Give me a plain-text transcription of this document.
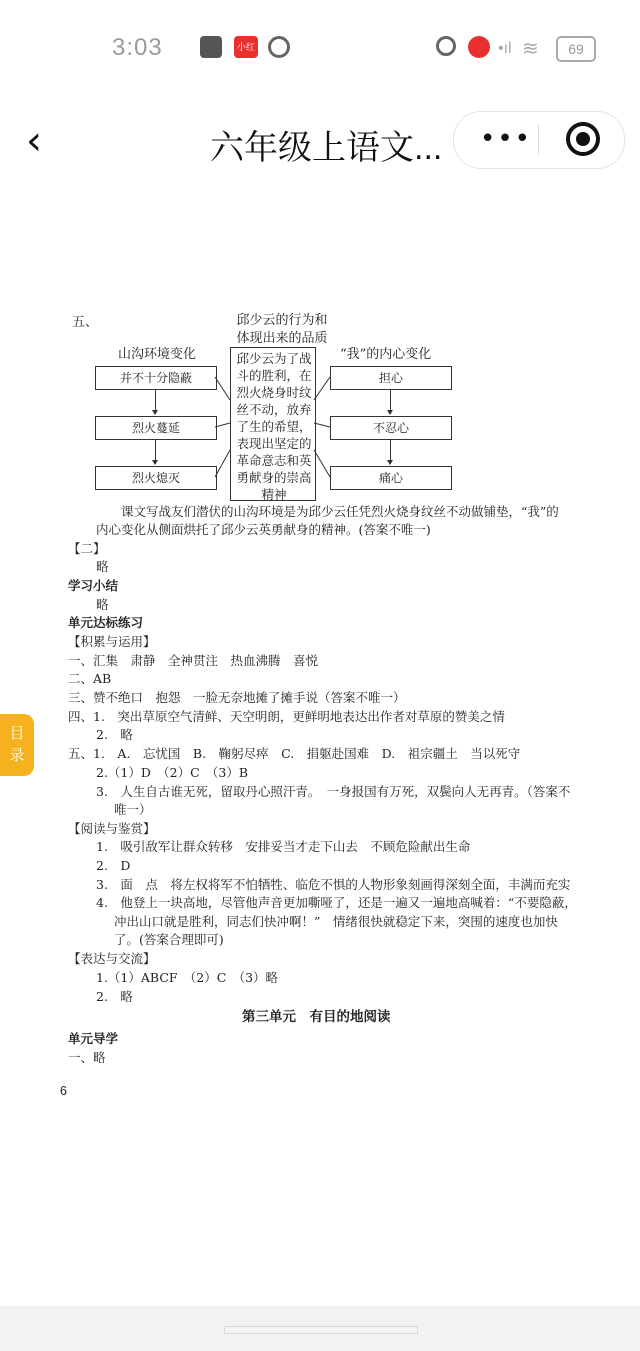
3:03	小红书
•ıl ≋	69
‹	六年级上语文... •••
五、	邱少云的行为和
体现出来的品质
山沟环境变化	“我”的内心变化
并不十分隐蔽
烈火蔓延
烈火熄灭
担心
不忍心
痛心
邱少云为了战
斗的胜利，在
烈火烧身时纹
丝不动，放弃
了生的希望，
表现出坚定的
革命意志和英
勇献身的崇高
精神
　　课文写战友们潜伏的山沟环境是为邱少云任凭烈火烧身纹丝不动做铺垫，“我”的
内心变化从侧面烘托了邱少云英勇献身的精神。(答案不唯一)
【二】
略
学习小结
略
单元达标练习
【积累与运用】
一、汇集　肃静　全神贯注　热血沸腾　喜悦
二、AB
三、赞不绝口　抱怨　一脸无奈地摊了摊手说（答案不唯一）
四、1.　突出草原空气清鲜、天空明朗，更鲜明地表达出作者对草原的赞美之情
2.　略
五、1.　A.　忘忧国　B.　鞠躬尽瘁　C.　捐躯赴国难　D.　祖宗疆土　当以死守
2.（1）D　（2）C　（3）B
3.　人生自古谁无死，留取丹心照汗青。　一身报国有万死，双鬓向人无再青。（答案不
唯一）
【阅读与鉴赏】
1.　吸引敌军让群众转移　安排妥当才走下山去　不顾危险献出生命
2.　D
3.　面　点　将左权将军不怕牺牲、临危不惧的人物形象刻画得深刻全面，丰满而充实
4.　他登上一块高地，尽管他声音更加嘶哑了，还是一遍又一遍地高喊着：“不要隐蔽，
冲出山口就是胜利，同志们快冲啊！”　情绪很快就稳定下来，突围的速度也加快
了。(答案合理即可)
【表达与交流】
1.（1）ABCF　（2）C　（3）略
2.　略
第三单元　有目的地阅读
单元导学
一、略
6
目
录
